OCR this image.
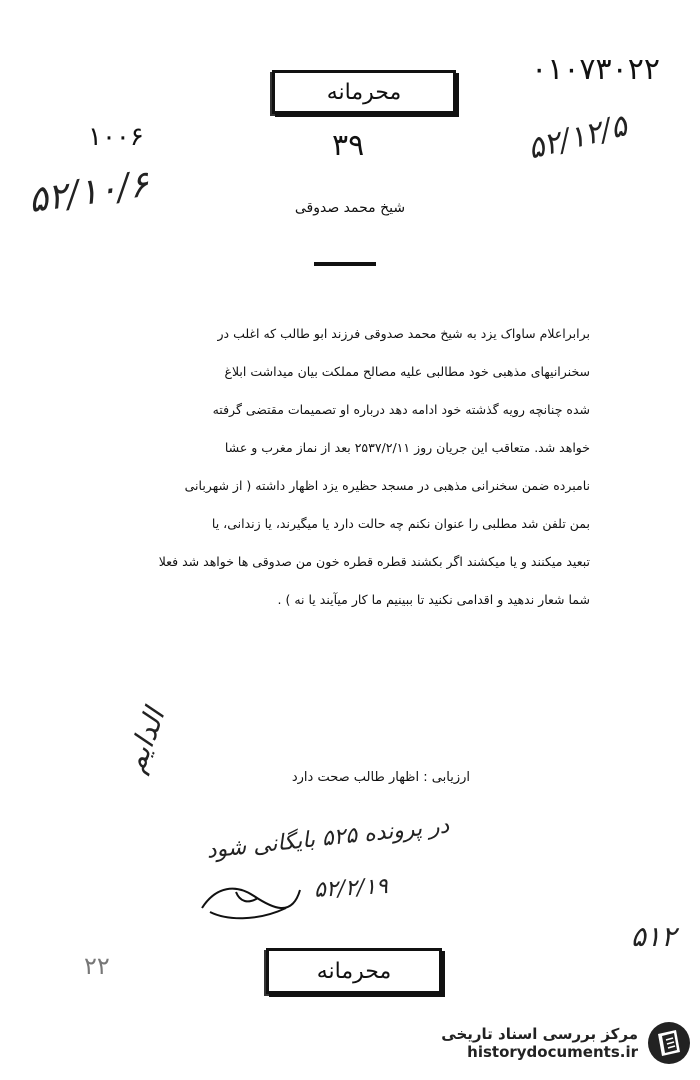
۰۱۰۷۳۰۲۲
محرمانه
۳۹
۱۰۰۶	۵۲/۱۲/۵
۵۲/۱۰/۶	شیخ محمد صدوقی
برابراعلام ساواک یزد به شیخ محمد صدوقی فرزند ابو طالب که اغلب در
سخنرانیهای مذهبی خود مطالبی علیه مصالح مملکت بیان میداشت ابلاغ
شده چنانچه رویه گذشته خود ادامه دهد درباره او تصمیمات مقتضی گرفته
خواهد شد. متعاقب این جریان روز ۲۵۳۷/۲/۱۱ بعد از نماز مغرب و عشا
نامبرده ضمن سخنرانی مذهبی در مسجد حظیره یزد اظهار داشته ( از شهربانی
بمن تلفن شد مطلبی را عنوان نکنم چه حالت دارد یا میگیرند، یا زندانی، یا
تبعید میکنند و یا میکشند اگر بکشند قطره قطره خون من صدوقی ها خواهد شد فعلا
شما شعار ندهید و اقدامی نکنید تا ببینیم ما کار میآیند یا نه ) .
ارزیابی : اظهار طالب صحت دارد
الدایم
در پرونده ۵۲۵ بایگانی شود
۵۲/۲/۱۹
۵۱۲
۲۲	محرمانه
مرکز بررسی اسناد تاریخی
historydocuments.ir
